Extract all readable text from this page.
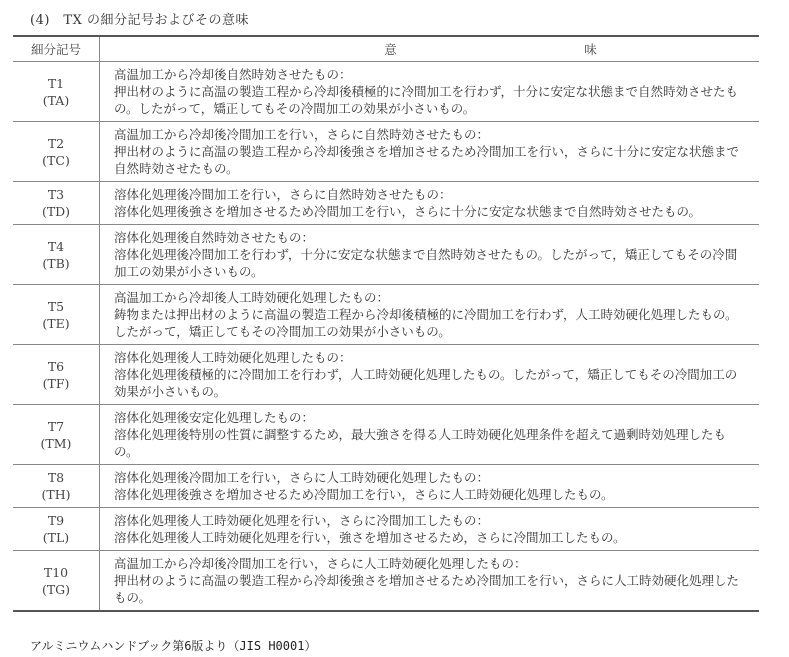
(4)　TX の細分記号およびその意味
細分記号	意 味

T1
(TA)	高温加工から冷却後自然時効させたもの：
押出材のように高温の製造工程から冷却後積極的に冷間加工を行わず，十分に安定な状態まで自然時効させたもの。したがって，矯正してもその冷間加工の効果が小さいもの。

T2
(TC)	高温加工から冷却後冷間加工を行い，さらに自然時効させたもの：
押出材のように高温の製造工程から冷却後強さを増加させるため冷間加工を行い，さらに十分に安定な状態まで自然時効させたもの。

T3
(TD)	溶体化処理後冷間加工を行い，さらに自然時効させたもの：
溶体化処理後強さを増加させるため冷間加工を行い，さらに十分に安定な状態まで自然時効させたもの。

T4
(TB)	溶体化処理後自然時効させたもの：
溶体化処理後冷間加工を行わず，十分に安定な状態まで自然時効させたもの。したがって，矯正してもその冷間加工の効果が小さいもの。

T5
(TE)	高温加工から冷却後人工時効硬化処理したもの：
鋳物または押出材のように高温の製造工程から冷却後積極的に冷間加工を行わず，人工時効硬化処理したもの。したがって，矯正してもその冷間加工の効果が小さいもの。

T6
(TF)	溶体化処理後人工時効硬化処理したもの：
溶体化処理後積極的に冷間加工を行わず，人工時効硬化処理したもの。したがって，矯正してもその冷間加工の効果が小さいもの。

T7
(TM)	溶体化処理後安定化処理したもの：
溶体化処理後特別の性質に調整するため，最大強さを得る人工時効硬化処理条件を超えて過剰時効処理したもの。

T8
(TH)	溶体化処理後冷間加工を行い，さらに人工時効硬化処理したもの：
溶体化処理後強さを増加させるため冷間加工を行い，さらに人工時効硬化処理したもの。

T9
(TL)	溶体化処理後人工時効硬化処理を行い，さらに冷間加工したもの：
溶体化処理後人工時効硬化処理を行い，強さを増加させるため，さらに冷間加工したもの。

T10
(TG)	高温加工から冷却後冷間加工を行い，さらに人工時効硬化処理したもの：
押出材のように高温の製造工程から冷却後強さを増加させるため冷間加工を行い，さらに人工時効硬化処理したもの。
アルミニウムハンドブック第6版より（JIS H0001）
